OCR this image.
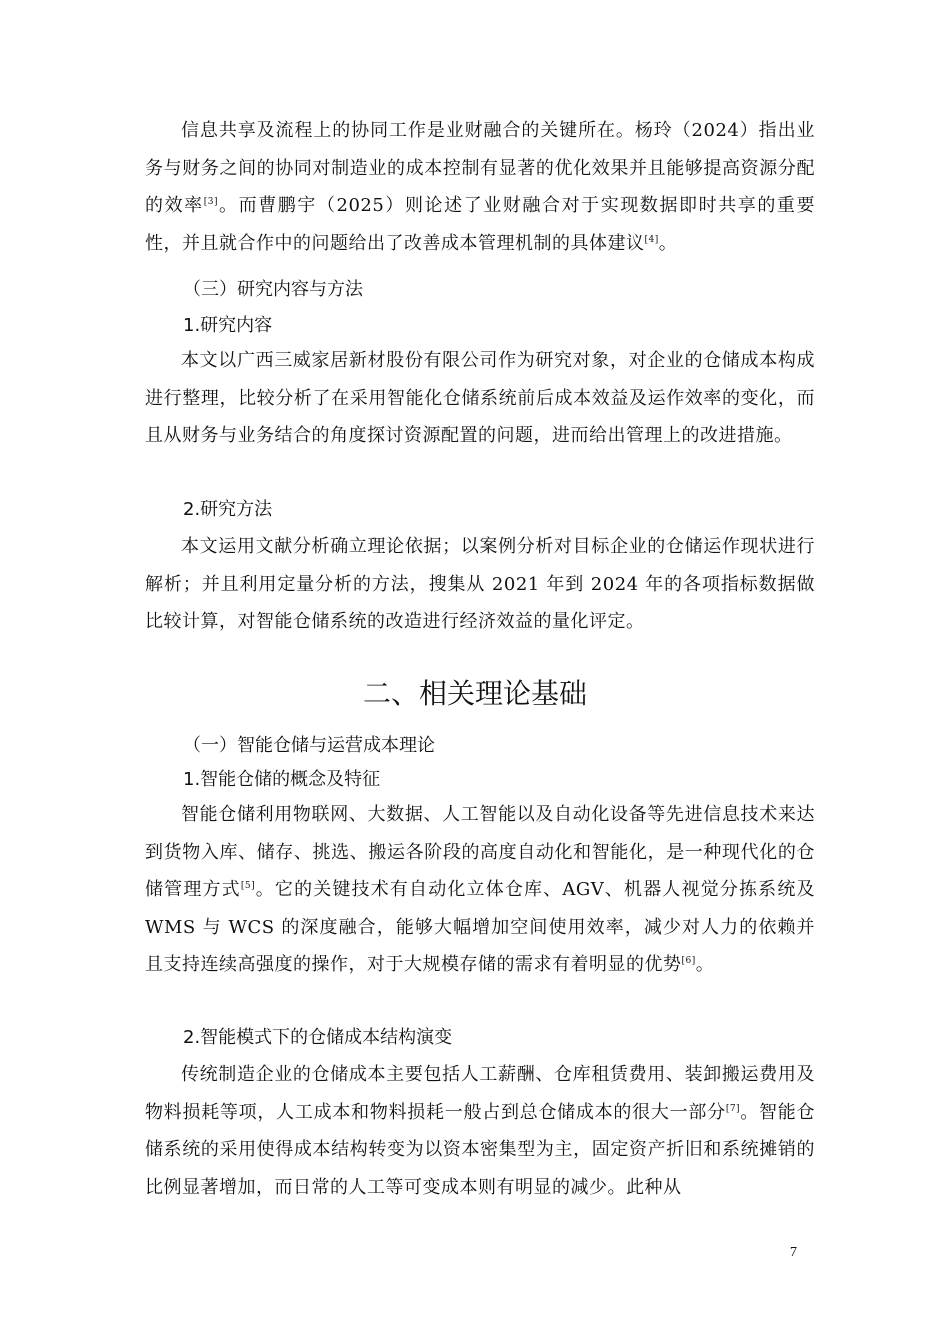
信息共享及流程上的协同工作是业财融合的关键所在。杨玲（2024）指出业务与财务之间的协同对制造业的成本控制有显著的优化效果并且能够提高资源分配的效率[3]。而曹鹏宇（2025）则论述了业财融合对于实现数据即时共享的重要性，并且就合作中的问题给出了改善成本管理机制的具体建议[4]。

（三）研究内容与方法

1.研究内容

本文以广西三威家居新材股份有限公司作为研究对象，对企业的仓储成本构成进行整理，比较分析了在采用智能化仓储系统前后成本效益及运作效率的变化，而且从财务与业务结合的角度探讨资源配置的问题，进而给出管理上的改进措施。

2.研究方法

本文运用文献分析确立理论依据；以案例分析对目标企业的仓储运作现状进行解析；并且利用定量分析的方法，搜集从 2021 年到 2024 年的各项指标数据做比较计算，对智能仓储系统的改造进行经济效益的量化评定。

二、相关理论基础

（一）智能仓储与运营成本理论

1.智能仓储的概念及特征

智能仓储利用物联网、大数据、人工智能以及自动化设备等先进信息技术来达到货物入库、储存、挑选、搬运各阶段的高度自动化和智能化，是一种现代化的仓储管理方式[5]。它的关键技术有自动化立体仓库、AGV、机器人视觉分拣系统及 WMS 与 WCS 的深度融合，能够大幅增加空间使用效率，减少对人力的依赖并且支持连续高强度的操作，对于大规模存储的需求有着明显的优势[6]。

2.智能模式下的仓储成本结构演变

传统制造企业的仓储成本主要包括人工薪酬、仓库租赁费用、装卸搬运费用及物料损耗等项，人工成本和物料损耗一般占到总仓储成本的很大一部分[7]。智能仓储系统的采用使得成本结构转变为以资本密集型为主，固定资产折旧和系统摊销的比例显著增加，而日常的人工等可变成本则有明显的减少。此种从

7
